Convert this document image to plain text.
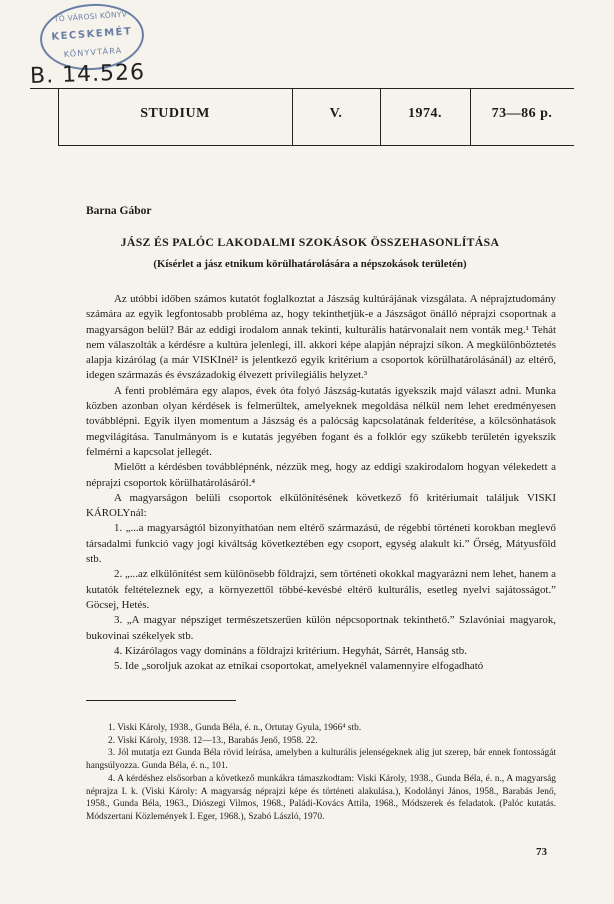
TÓ VÁROSI KÖNYV
KECSKEMÉT
KÖNYVTÁRA
B. 14.526
STUDIUM	V.	1974.	73—86 p.
Barna Gábor
JÁSZ ÉS PALÓC LAKODALMI SZOKÁSOK ÖSSZEHASONLÍTÁSA
(Kísérlet a jász etnikum körülhatárolására a népszokások területén)

Az utóbbi időben számos kutatót foglalkoztat a Jászság kultúrájának vizsgálata. A néprajztudomány számára az egyik legfontosabb probléma az, hogy tekinthetjük-e a Jászságot önálló néprajzi csoportnak a magyarságon belül? Bár az eddigi irodalom annak tekinti, kulturális határvonalait nem vonták meg.¹ Tehát nem válaszolták a kérdésre a kultúra jelenlegi, ill. akkori képe alapján néprajzi síkon. A megkülönböztetés alapja kizárólag (a már VISKInél² is jelentkező egyik kritérium a csoportok körülhatárolásánál) az eltérő, idegen származás és évszázadokig élvezett privilegiális helyzet.³

A fenti problémára egy alapos, évek óta folyó Jászság-kutatás igyekszik majd választ adni. Munka közben azonban olyan kérdések is felmerültek, amelyeknek megoldása nélkül nem lehet eredményesen továbblépni. Egyik ilyen momentum a Jászság és a palócság kapcsolatának felderítése, a kölcsönhatások megvilágítása. Tanulmányom is e kutatás jegyében fogant és a folklór egy szűkebb területén igyekszik felmérni a kapcsolat jellegét.

Mielőtt a kérdésben továbblépnénk, nézzük meg, hogy az eddigi szakirodalom hogyan vélekedett a néprajzi csoportok körülhatárolásáról.⁴

A magyarságon belüli csoportok elkülönítésének következő fő kritériumait találjuk VISKI KÁROLYnál:

1. „...a magyarságtól bizonyíthatóan nem eltérő származású, de régebbi történeti korokban meglevő társadalmi funkció vagy jogi kiváltság következtében egy csoport, egység alakult ki.” Őrség, Mátyusföld stb.

2. „...az elkülönítést sem különösebb földrajzi, sem történeti okokkal magyarázni nem lehet, hanem a kutatók feltételeznek egy, a környezettől többé-kevésbé eltérő kulturális, esetleg nyelvi sajátosságot.” Göcsej, Hetés.

3. „A magyar népsziget természetszerűen külön népcsoportnak tekinthető.” Szlavóniai magyarok, bukovinai székelyek stb.

4. Kizárólagos vagy domináns a földrajzi kritérium. Hegyhát, Sárrét, Hanság stb.

5. Ide „soroljuk azokat az etnikai csoportokat, amelyeknél valamennyire elfogadható

1. Viski Károly, 1938., Gunda Béla, é. n., Ortutay Gyula, 1966⁴ stb.

2. Viski Károly, 1938. 12—13., Barabás Jenő, 1958. 22.

3. Jól mutatja ezt Gunda Béla rövid leírása, amelyben a kulturális jelenségeknek alig jut szerep, bár ennek fontosságát hangsúlyozza. Gunda Béla, é. n., 101.

4. A kérdéshez elsősorban a következő munkákra támaszkodtam: Viski Károly, 1938., Gunda Béla, é. n., A magyarság néprajza I. k. (Viski Károly: A magyarság néprajzi képe és történeti alakulása.), Kodolányi János, 1958., Barabás Jenő, 1958., Gunda Béla, 1963., Diószegi Vilmos, 1968., Paládi-Kovács Attila, 1968., Módszerek és feladatok. (Palóc kutatás. Módszertani Közlemények I. Eger, 1968.), Szabó László, 1970.

73
